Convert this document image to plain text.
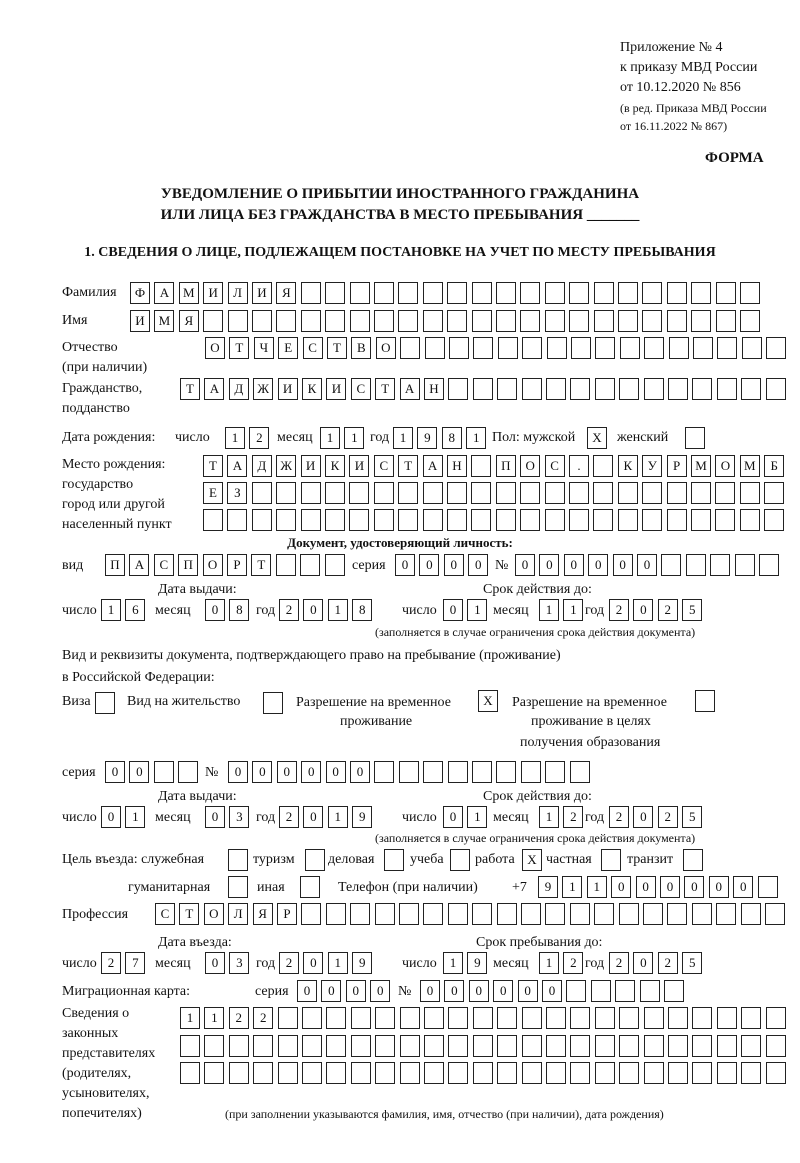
Приложение № 4
к приказу МВД России
от 10.12.2020 № 856
(в ред. Приказа МВД России
от 16.11.2022 № 867)
ФОРМА
УВЕДОМЛЕНИЕ О ПРИБЫТИИ ИНОСТРАННОГО ГРАЖДАНИНА
ИЛИ ЛИЦА БЕЗ ГРАЖДАНСТВА В МЕСТО ПРЕБЫВАНИЯ _______
1. СВЕДЕНИЯ О ЛИЦЕ, ПОДЛЕЖАЩЕМ ПОСТАНОВКЕ НА УЧЕТ ПО МЕСТУ ПРЕБЫВАНИЯ
Фамилия	Ф	А	М	И	Л	И	Я
Имя	И	М	Я
Отчество
(при наличии)
О	Т	Ч	Е	С	Т	В	О
Гражданство,
подданство
Т	А	Д	Ж	И	К	И	С	Т	А	Н
Дата рождения: число	1	2	месяц	1	1 год 1	9	8	1 Пол: мужской	X	женский
Место рождения:
государство
город или другой
населенный пункт
Т	А	Д	Ж	И	К	И	С	Т	А	Н	П	О	С	.	К	У	Р	М	О	М	Б
Е	З
Документ, удостоверяющий личность:
вид	П	А	С	П	О	Р	Т	серия	0	0	0	0 №	0	0	0	0	0	0
Дата выдачи:	Срок действия до:
число 1	6	месяц	0	8 год 2	0	1	8	число	0	1 месяц	1	1 год 2	0	2	5
(заполняется в случае ограничения срока действия документа)
Вид и реквизиты документа, подтверждающего право на пребывание (проживание)
в Российской Федерации:
Виза	Вид на жительство	Разрешение на временное
проживание
X	Разрешение на временное
проживание в целях
получения образования
серия	0	0	№	0	0	0	0	0	0
Дата выдачи:	Срок действия до:
число 0	1	месяц	0	3 год 2	0	1	9	число	0	1 месяц	1	2 год 2	0	2	5
(заполняется в случае ограничения срока действия документа)
Цель въезда: служебная	туризм деловая	учеба работа X частная	транзит
гуманитарная	иная	Телефон (при наличии) +7	9	1	1	0	0	0	0	0	0
Профессия	С	Т	О	Л	Я	Р
Дата въезда:	Срок пребывания до:
число 2	7	месяц	0	3 год 2	0	1	9	число	1	9 месяц	1	2 год 2	0	2	5
Миграционная карта:	серия	0	0	0	0	№	0	0	0	0	0	0
Сведения о
законных
представителях
(родителях,
усыновителях,
попечителях)
1	1	2	2
(при заполнении указываются фамилия, имя, отчество (при наличии), дата рождения)
